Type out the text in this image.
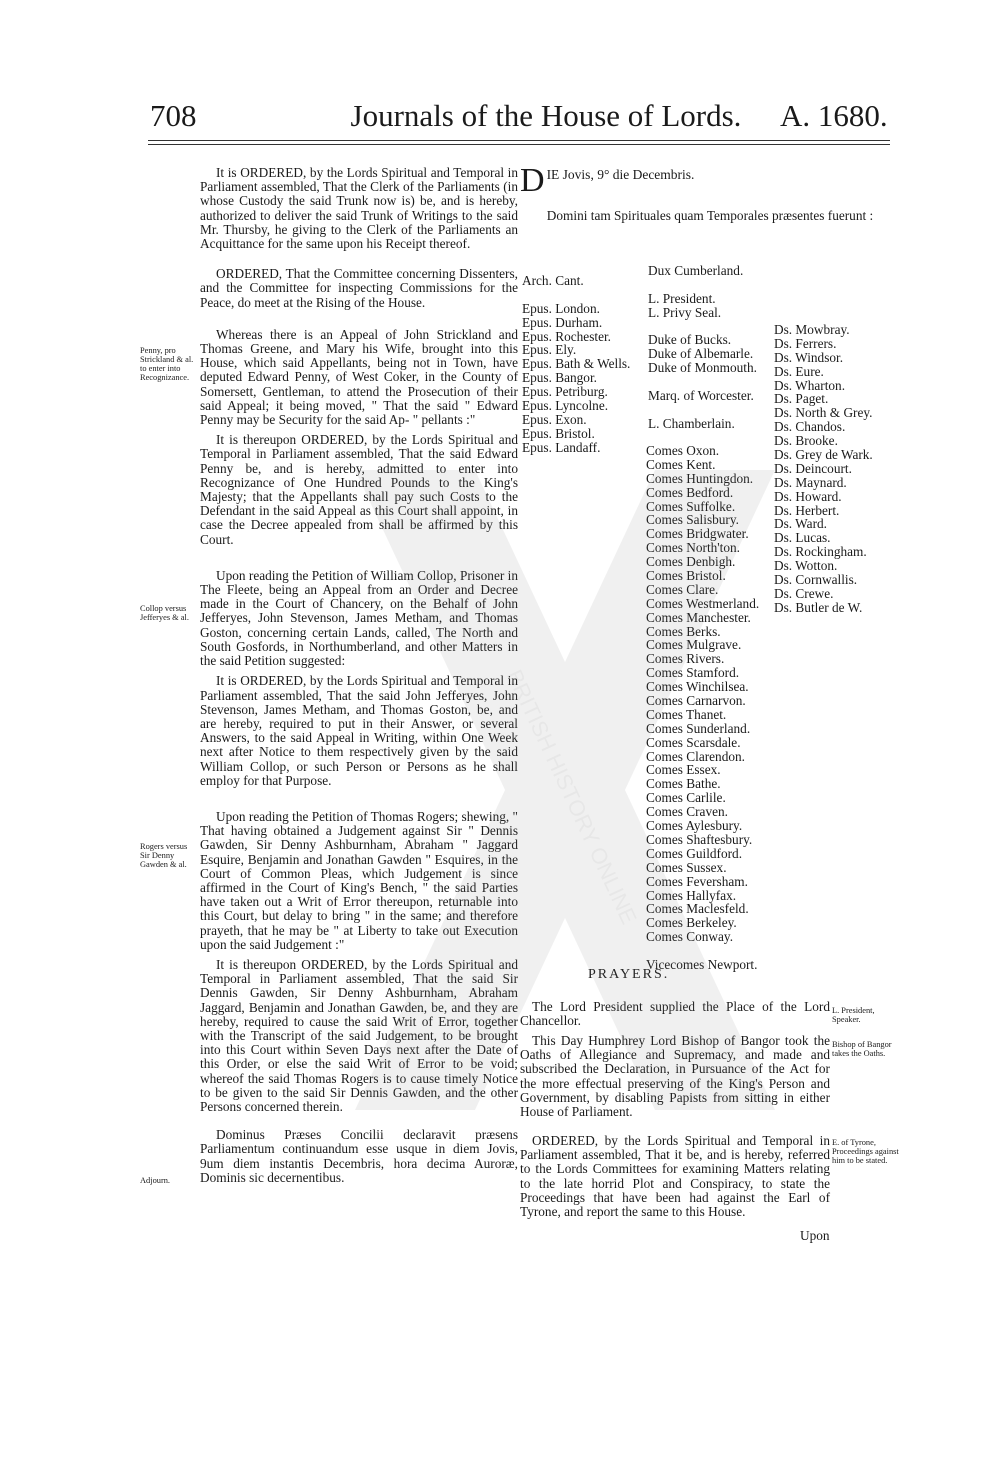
708	Journals of the House of Lords.	A. 1680.
Penny, pro Strickland & al. to enter into Recognizance.
Collop versus Jefferyes & al.
Rogers versus Sir Denny Gawden & al.
Adjourn.

It is ORDERED, by the Lords Spiritual and Temporal in Parliament assembled, That the Clerk of the Parliaments (in whose Custody the said Trunk now is) be, and is hereby, authorized to deliver the said Trunk of Writings to the said Mr. Thursby, he giving to the Clerk of the Parliaments an Acquittance for the same upon his Receipt thereof.

ORDERED, That the Committee concerning Dissenters, and the Committee for inspecting Commissions for the Peace, do meet at the Rising of the House.

Whereas there is an Appeal of John Strickland and Thomas Greene, and Mary his Wife, brought into this House, which said Appellants, being not in Town, have deputed Edward Penny, of West Coker, in the County of Somersett, Gentleman, to attend the Prosecution of their said Appeal; it being moved, " That the said " Edward Penny may be Security for the said Ap- " pellants :"

It is thereupon ORDERED, by the Lords Spiritual and Temporal in Parliament assembled, That the said Edward Penny be, and is hereby, admitted to enter into Recognizance of One Hundred Pounds to the King's Majesty; that the Appellants shall pay such Costs to the Defendant in the said Appeal as this Court shall appoint, in case the Decree appealed from shall be affirmed by this Court.

Upon reading the Petition of William Collop, Prisoner in The Fleete, being an Appeal from an Order and Decree made in the Court of Chancery, on the Behalf of John Jefferyes, John Stevenson, James Metham, and Thomas Goston, concerning certain Lands, called, The North and South Gosfords, in Northumberland, and other Matters in the said Petition suggested:

It is ORDERED, by the Lords Spiritual and Temporal in Parliament assembled, That the said John Jefferyes, John Stevenson, James Metham, and Thomas Goston, be, and are hereby, required to put in their Answer, or several Answers, to the said Appeal in Writing, within One Week next after Notice to them respectively given by the said William Collop, or such Person or Persons as he shall employ for that Purpose.

Upon reading the Petition of Thomas Rogers; shewing, " That having obtained a Judgement against Sir " Dennis Gawden, Sir Denny Ashburnham, Abraham " Jaggard Esquire, Benjamin and Jonathan Gawden " Esquires, in the Court of Common Pleas, which Judgement is since affirmed in the Court of King's Bench, " the said Parties have taken out a Writ of Error thereupon, returnable into this Court, but delay to bring " in the same; and therefore prayeth, that he may be " at Liberty to take out Execution upon the said Judgement :"

It is thereupon ORDERED, by the Lords Spiritual and Temporal in Parliament assembled, That the said Sir Dennis Gawden, Sir Denny Ashburnham, Abraham Jaggard, Benjamin and Jonathan Gawden, be, and they are hereby, required to cause the said Writ of Error, together with the Transcript of the said Judgement, to be brought into this Court within Seven Days next after the Date of this Order, or else the said Writ of Error to be void; whereof the said Thomas Rogers is to cause timely Notice to be given to the said Sir Dennis Gawden, and the other Persons concerned therein.

Dominus Præses Concilii declaravit præsens Parliamentum continuandum esse usque in diem Jovis, 9um diem instantis Decembris, hora decima Auroræ, Dominis sic decernentibus.

D IE Jovis, 9° die Decembris.
Domini tam Spirituales quam Temporales præsentes fuerunt :
Arch. Cant.
Epus. London.
Epus. Durham.
Epus. Rochester.
Epus. Ely.
Epus. Bath & Wells.
Epus. Bangor.
Epus. Petriburg.
Epus. Lyncolne.
Epus. Exon.
Epus. Bristol.
Epus. Landaff.
Dux Cumberland.
L. President.
L. Privy Seal.
Duke of Bucks.
Duke of Albemarle.
Duke of Monmouth.
Marq. of Worcester.
L. Chamberlain.
Comes Oxon.
Comes Kent.
Comes Huntingdon.
Comes Bedford.
Comes Suffolke.
Comes Salisbury.
Comes Bridgwater.
Comes North'ton.
Comes Denbigh.
Comes Bristol.
Comes Clare.
Comes Westmerland.
Comes Manchester.
Comes Berks.
Comes Mulgrave.
Comes Rivers.
Comes Stamford.
Comes Winchilsea.
Comes Carnarvon.
Comes Thanet.
Comes Sunderland.
Comes Scarsdale.
Comes Clarendon.
Comes Essex.
Comes Bathe.
Comes Carlile.
Comes Craven.
Comes Aylesbury.
Comes Shaftesbury.
Comes Guildford.
Comes Sussex.
Comes Feversham.
Comes Hallyfax.
Comes Maclesfeld.
Comes Berkeley.
Comes Conway.
Vicecomes Newport.
Ds. Mowbray.
Ds. Ferrers.
Ds. Windsor.
Ds. Eure.
Ds. Wharton.
Ds. Paget.
Ds. North & Grey.
Ds. Chandos.
Ds. Brooke.
Ds. Grey de Wark.
Ds. Deincourt.
Ds. Maynard.
Ds. Howard.
Ds. Herbert.
Ds. Ward.
Ds. Lucas.
Ds. Rockingham.
Ds. Wotton.
Ds. Cornwallis.
Ds. Crewe.
Ds. Butler de W.
PRAYERS.

The Lord President supplied the Place of the Lord Chancellor.

This Day Humphrey Lord Bishop of Bangor took the Oaths of Allegiance and Supremacy, and made and subscribed the Declaration, in Pursuance of the Act for the more effectual preserving of the King's Person and Government, by disabling Papists from sitting in either House of Parliament.

ORDERED, by the Lords Spiritual and Temporal in Parliament assembled, That it be, and is hereby, referred to the Lords Committees for examining Matters relating to the late horrid Plot and Conspiracy, to state the Proceedings that have been had against the Earl of Tyrone, and report the same to this House.

Upon
L. President, Speaker.
Bishop of Bangor takes the Oaths.
E. of Tyrone, Proceedings against him to be stated.
BRITISH HISTORY ONLINE
